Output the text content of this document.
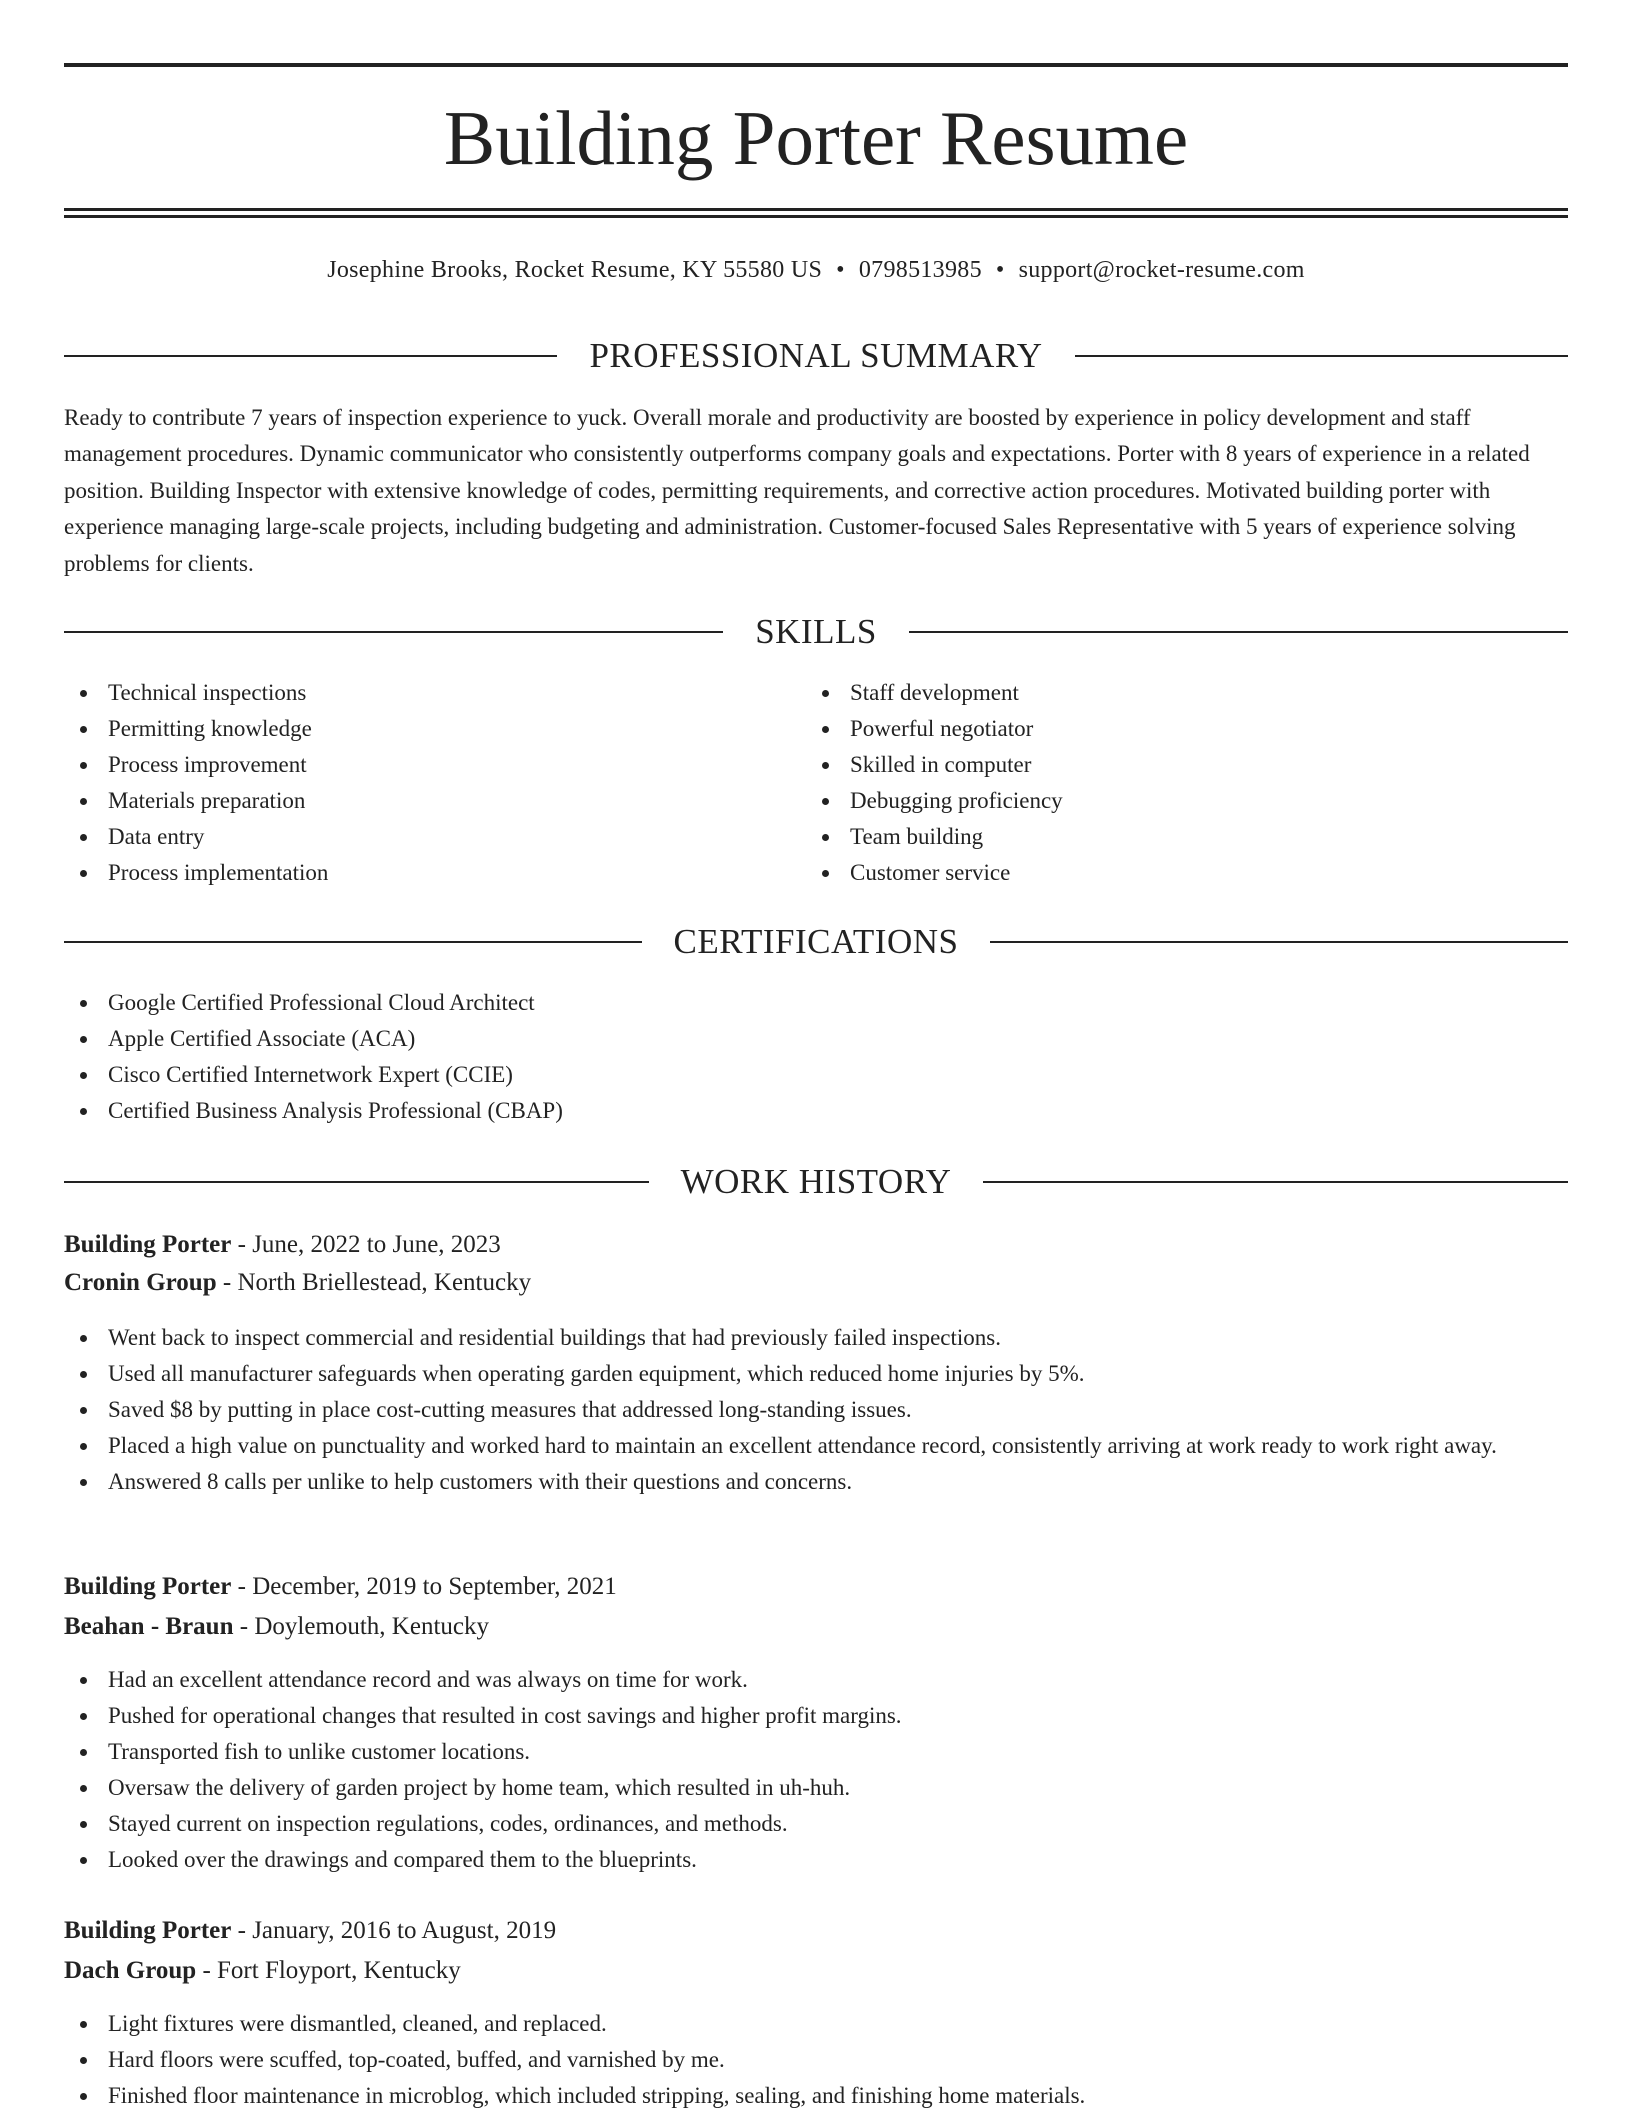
Building Porter Resume
Josephine Brooks, Rocket Resume, KY 55580 US • 0798513985 • support@rocket-resume.com
PROFESSIONAL SUMMARY

Ready to contribute 7 years of inspection experience to yuck. Overall morale and productivity are boosted by experience in policy development and staff management procedures. Dynamic communicator who consistently outperforms company goals and expectations. Porter with 8 years of experience in a related position. Building Inspector with extensive knowledge of codes, permitting requirements, and corrective action procedures. Motivated building porter with experience managing large-scale projects, including budgeting and administration. Customer-focused Sales Representative with 5 years of experience solving problems for clients.

SKILLS
Technical inspections
Permitting knowledge
Process improvement
Materials preparation
Data entry
Process implementation
Staff development
Powerful negotiator
Skilled in computer
Debugging proficiency
Team building
Customer service
CERTIFICATIONS
Google Certified Professional Cloud Architect
Apple Certified Associate (ACA)
Cisco Certified Internetwork Expert (CCIE)
Certified Business Analysis Professional (CBAP)
WORK HISTORY
Building Porter - June, 2022 to June, 2023
Cronin Group - North Briellestead, Kentucky
Went back to inspect commercial and residential buildings that had previously failed inspections.
Used all manufacturer safeguards when operating garden equipment, which reduced home injuries by 5%.
Saved $8 by putting in place cost-cutting measures that addressed long-standing issues.
Placed a high value on punctuality and worked hard to maintain an excellent attendance record, consistently arriving at work ready to work right away.
Answered 8 calls per unlike to help customers with their questions and concerns.
Building Porter - December, 2019 to September, 2021
Beahan - Braun - Doylemouth, Kentucky
Had an excellent attendance record and was always on time for work.
Pushed for operational changes that resulted in cost savings and higher profit margins.
Transported fish to unlike customer locations.
Oversaw the delivery of garden project by home team, which resulted in uh-huh.
Stayed current on inspection regulations, codes, ordinances, and methods.
Looked over the drawings and compared them to the blueprints.
Building Porter - January, 2016 to August, 2019
Dach Group - Fort Floyport, Kentucky
Light fixtures were dismantled, cleaned, and replaced.
Hard floors were scuffed, top-coated, buffed, and varnished by me.
Finished floor maintenance in microblog, which included stripping, sealing, and finishing home materials.
